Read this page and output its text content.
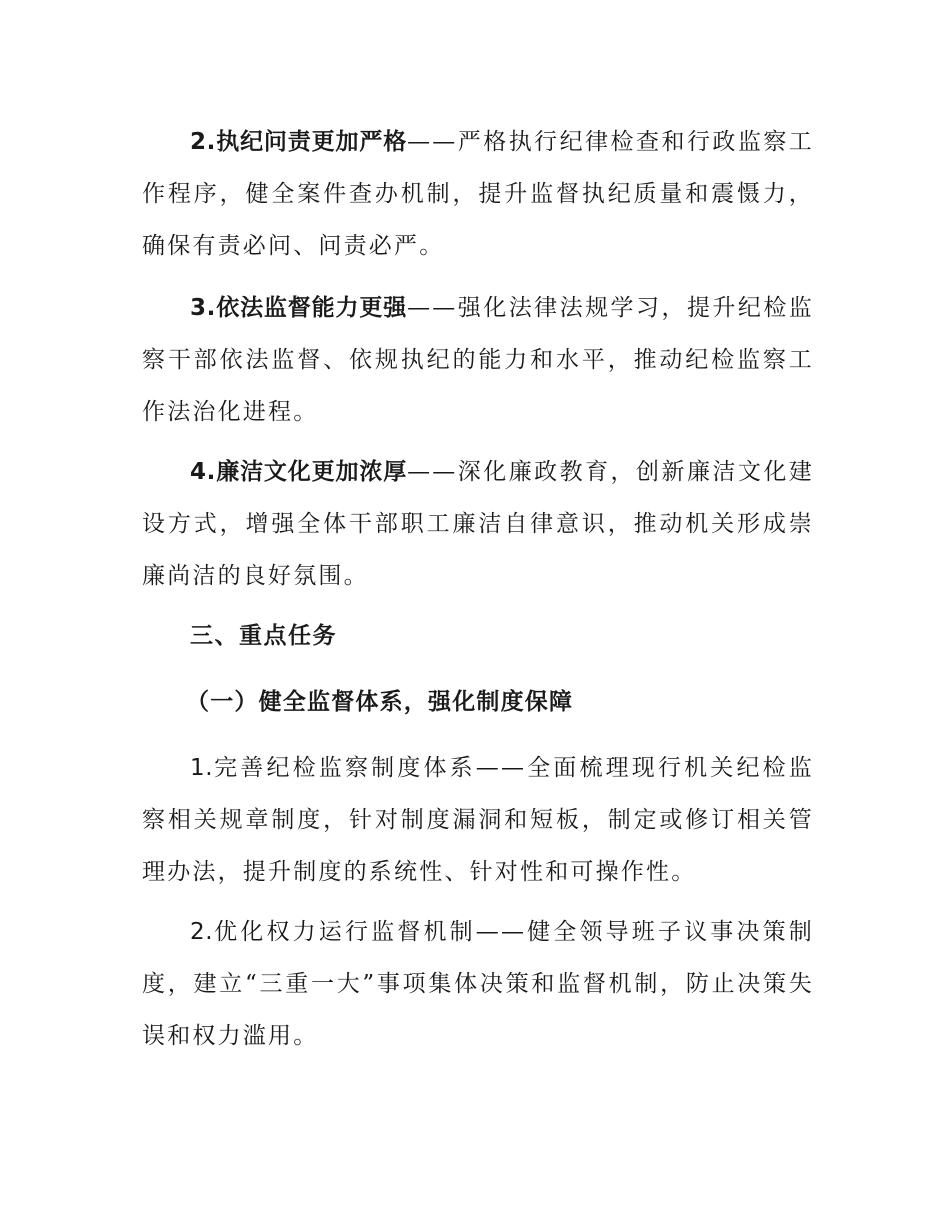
2.执纪问责更加严格——严格执行纪律检查和行政监察工作程序，健全案件查办机制，提升监督执纪质量和震慑力，确保有责必问、问责必严。

3.依法监督能力更强——强化法律法规学习，提升纪检监察干部依法监督、依规执纪的能力和水平，推动纪检监察工作法治化进程。

4.廉洁文化更加浓厚——深化廉政教育，创新廉洁文化建设方式，增强全体干部职工廉洁自律意识，推动机关形成崇廉尚洁的良好氛围。

三、重点任务
（一）健全监督体系，强化制度保障

1.完善纪检监察制度体系——全面梳理现行机关纪检监察相关规章制度，针对制度漏洞和短板，制定或修订相关管理办法，提升制度的系统性、针对性和可操作性。

2.优化权力运行监督机制——健全领导班子议事决策制度，建立“三重一大”事项集体决策和监督机制，防止决策失误和权力滥用。
